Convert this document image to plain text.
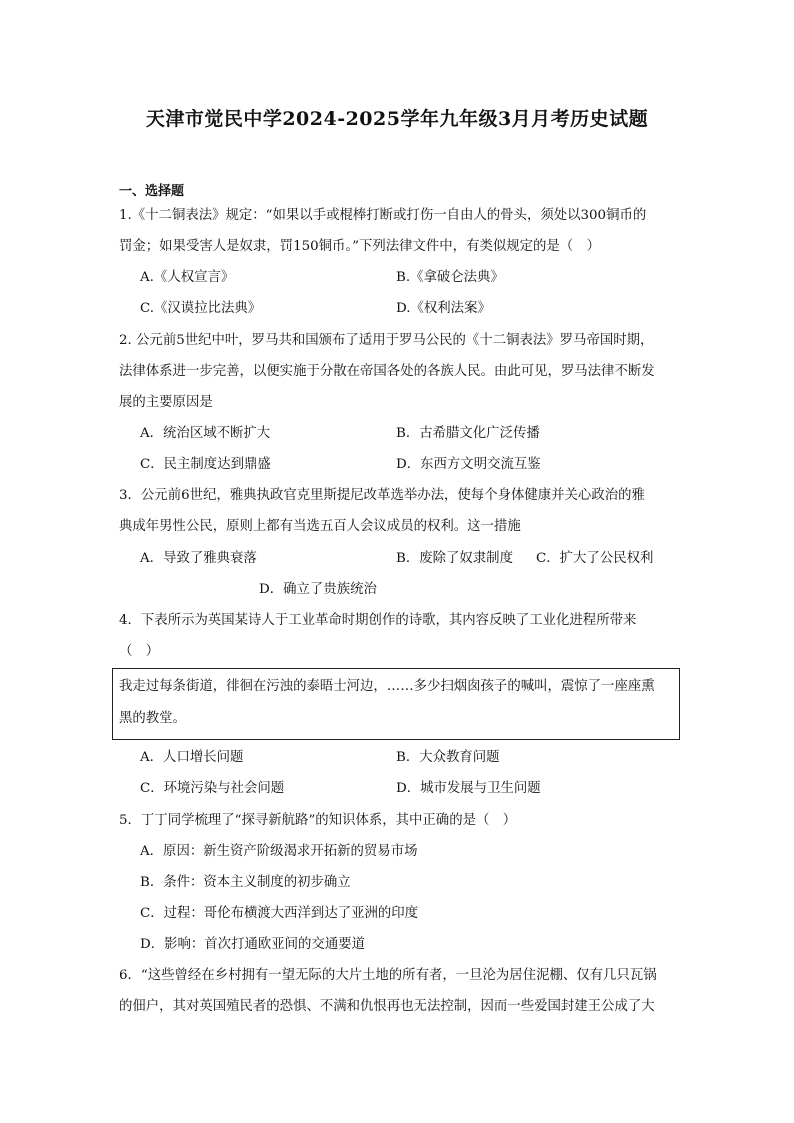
天津市觉民中学2024-2025学年九年级3月月考历史试题
一、选择题
1.《十二铜表法》规定：“如果以手或棍棒打断或打伤一自由人的骨头，须处以300铜币的
罚金；如果受害人是奴隶，罚150铜币。”下列法律文件中，有类似规定的是（　）
A.《人权宣言》	B.《拿破仑法典》
C.《汉谟拉比法典》	D.《权利法案》
2. 公元前5世纪中叶，罗马共和国颁布了适用于罗马公民的《十二铜表法》罗马帝国时期，
法律体系进一步完善，以便实施于分散在帝国各处的各族人民。由此可见，罗马法律不断发
展的主要原因是
A．统治区域不断扩大	B．古希腊文化广泛传播
C．民主制度达到鼎盛	D．东西方文明交流互鉴
3．公元前6世纪，雅典执政官克里斯提尼改革选举办法，使每个身体健康并关心政治的雅
典成年男性公民，原则上都有当选五百人会议成员的权利。这一措施
A．导致了雅典衰落	B．废除了奴隶制度 C．扩大了公民权利
D．确立了贵族统治
4．下表所示为英国某诗人于工业革命时期创作的诗歌，其内容反映了工业化进程所带来
（　）
我走过每条街道，徘徊在污浊的泰晤士河边，……多少扫烟囱孩子的喊叫，震惊了一座座熏
黑的教堂。
A．人口增长问题	B．大众教育问题
C．环境污染与社会问题	D．城市发展与卫生问题
5．丁丁同学梳理了“探寻新航路”的知识体系，其中正确的是（　）
A．原因：新生资产阶级渴求开拓新的贸易市场
B．条件：资本主义制度的初步确立
C．过程：哥伦布横渡大西洋到达了亚洲的印度
D．影响：首次打通欧亚间的交通要道
6．“这些曾经在乡村拥有一望无际的大片土地的所有者，一旦沦为居住泥棚、仅有几只瓦锅
的佃户，其对英国殖民者的恐惧、不满和仇恨再也无法控制，因而一些爱国封建王公成了大
